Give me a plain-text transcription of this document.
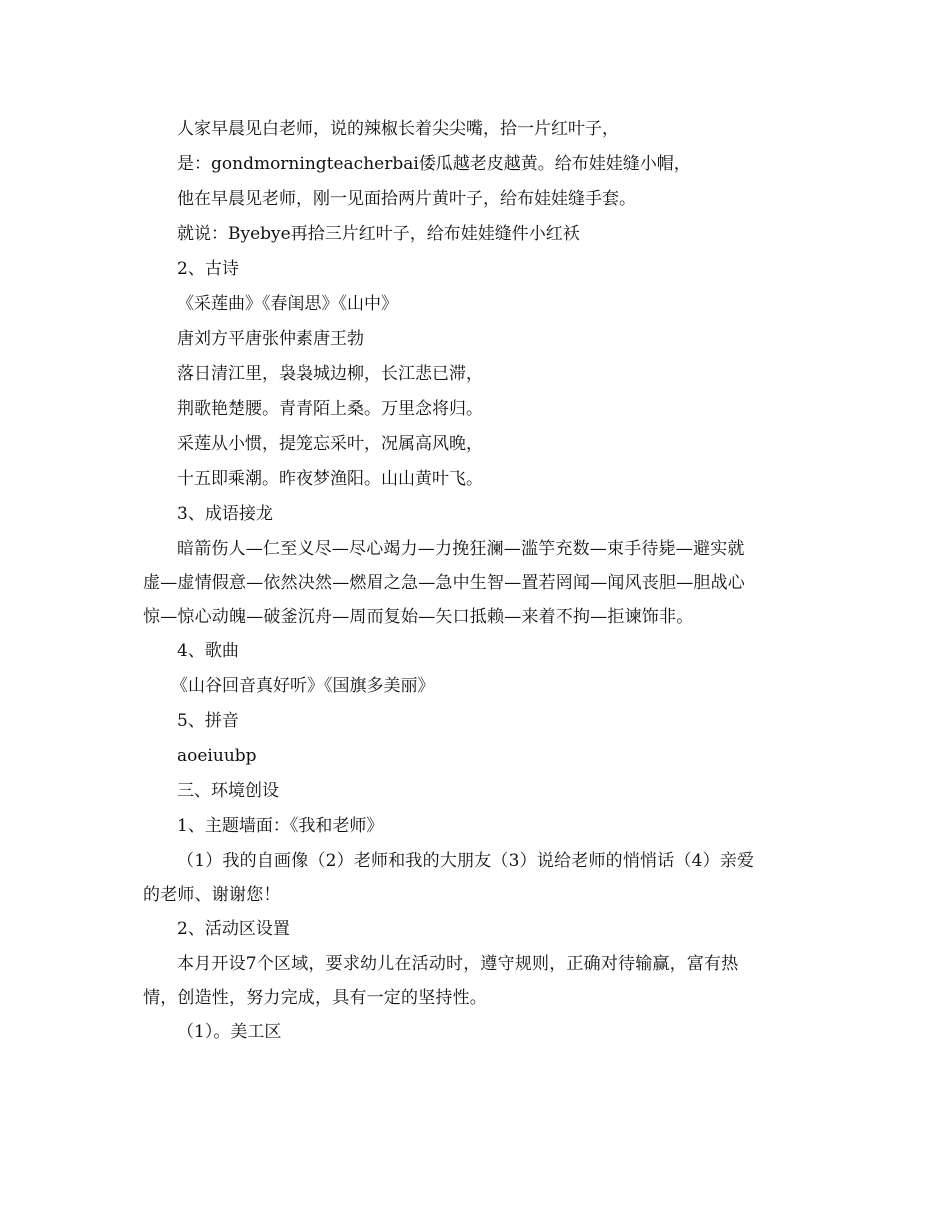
人家早晨见白老师，说的辣椒长着尖尖嘴，拾一片红叶子，
是：gondmorningteacherbai倭瓜越老皮越黄。给布娃娃缝小帽，
他在早晨见老师，刚一见面拾两片黄叶子，给布娃娃缝手套。
就说：Byebye再拾三片红叶子，给布娃娃缝件小红袄
2、古诗
《采莲曲》《春闺思》《山中》
唐刘方平唐张仲素唐王勃
落日清江里，袅袅城边柳，长江悲已滞，
荆歌艳楚腰。青青陌上桑。万里念将归。
采莲从小惯，提笼忘采叶，况属高风晚，
十五即乘潮。昨夜梦渔阳。山山黄叶飞。
3、成语接龙
暗箭伤人—仁至义尽—尽心竭力—力挽狂澜—滥竽充数—束手待毙—避实就
虚—虚情假意—依然决然—燃眉之急—急中生智—置若罔闻—闻风丧胆—胆战心
惊—惊心动魄—破釜沉舟—周而复始—矢口抵赖—来着不拘—拒谏饰非。
4、歌曲
《山谷回音真好听》《国旗多美丽》
5、拼音
aoeiuubp
三、环境创设
1、主题墙面：《我和老师》
（1）我的自画像（2）老师和我的大朋友（3）说给老师的悄悄话（4）亲爱
的老师、谢谢您！
2、活动区设置
本月开设7个区域，要求幼儿在活动时，遵守规则，正确对待输赢，富有热
情，创造性，努力完成，具有一定的坚持性。
（1）。美工区
